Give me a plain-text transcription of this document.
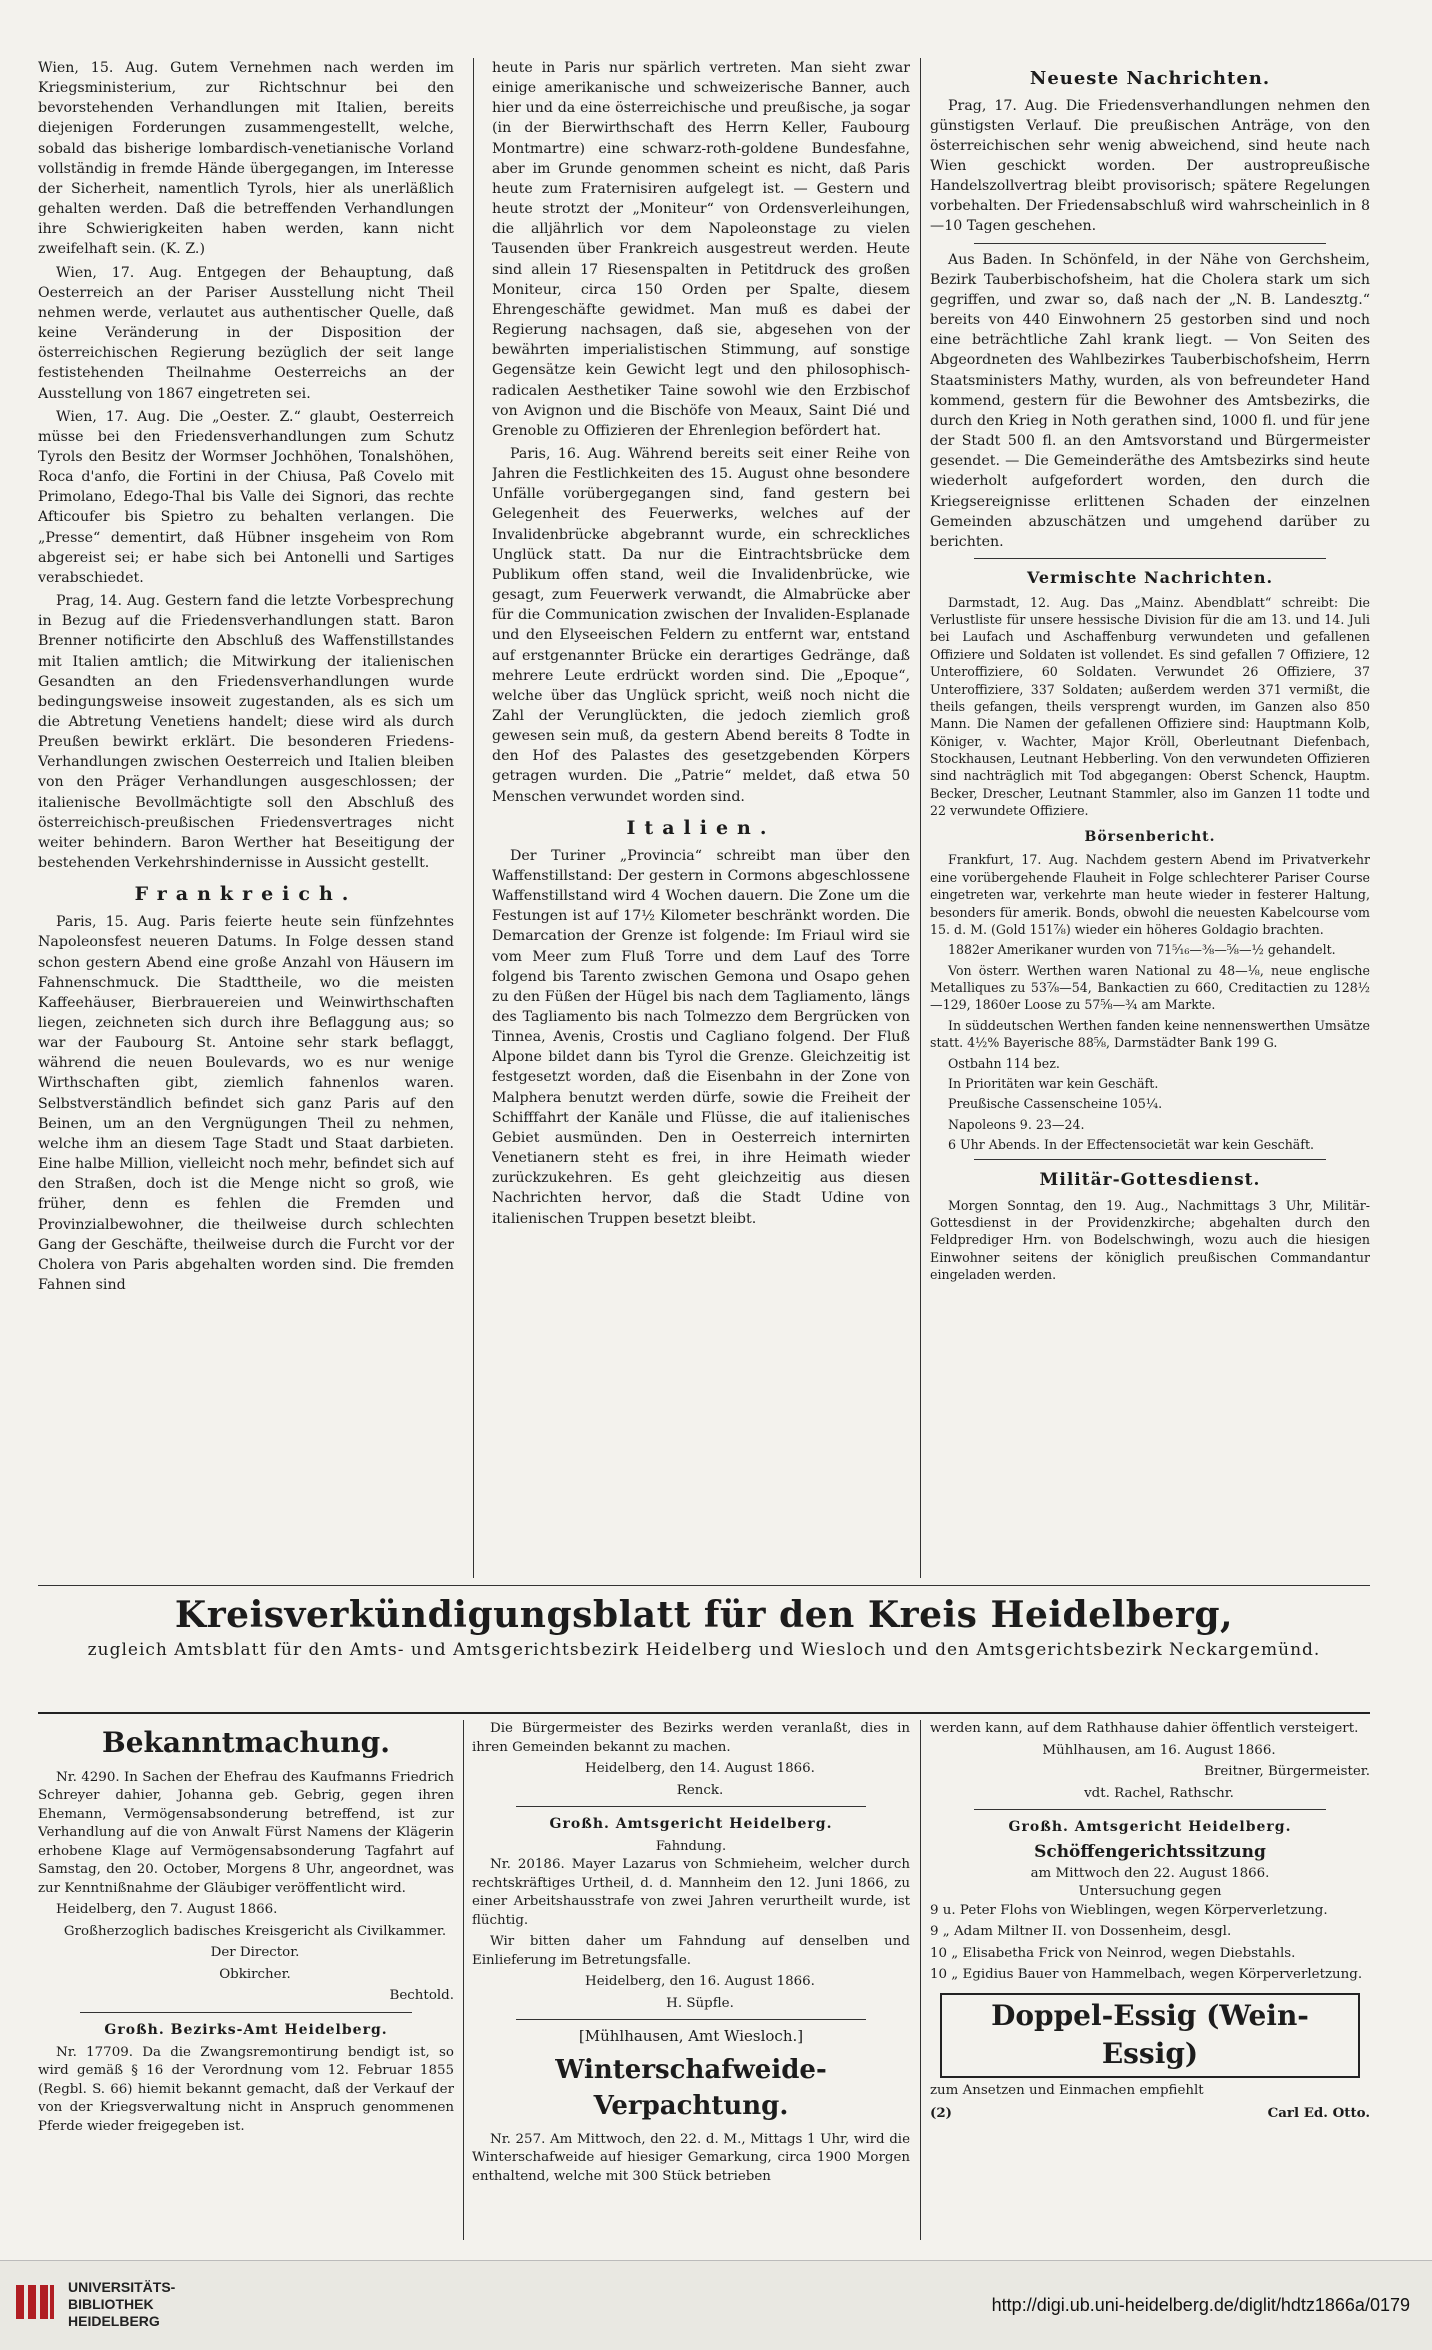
Wien, 15. Aug. Gutem Vernehmen nach werden im Kriegsministerium, zur Richtschnur bei den bevorstehenden Verhandlungen mit Italien, bereits diejenigen Forderungen zusammengestellt, welche, sobald das bisherige lombardisch-venetianische Vorland vollständig in fremde Hände übergegangen, im Interesse der Sicherheit, namentlich Tyrols, hier als unerläßlich gehalten werden. Daß die betreffenden Verhandlungen ihre Schwierigkeiten haben werden, kann nicht zweifelhaft sein. (K. Z.)

Wien, 17. Aug. Entgegen der Behauptung, daß Oesterreich an der Pariser Ausstellung nicht Theil nehmen werde, verlautet aus authentischer Quelle, daß keine Veränderung in der Disposition der österreichischen Regierung bezüglich der seit lange festistehenden Theilnahme Oesterreichs an der Ausstellung von 1867 eingetreten sei.

Wien, 17. Aug. Die „Oester. Z.“ glaubt, Oesterreich müsse bei den Friedensverhandlungen zum Schutz Tyrols den Besitz der Wormser Jochhöhen, Tonalshöhen, Roca d'anfo, die Fortini in der Chiusa, Paß Covelo mit Primolano, Edego-Thal bis Valle dei Signori, das rechte Afticoufer bis Spietro zu behalten verlangen. Die „Presse“ dementirt, daß Hübner insgeheim von Rom abgereist sei; er habe sich bei Antonelli und Sartiges verabschiedet.

Prag, 14. Aug. Gestern fand die letzte Vorbesprechung in Bezug auf die Friedensverhandlungen statt. Baron Brenner notificirte den Abschluß des Waffenstillstandes mit Italien amtlich; die Mitwirkung der italienischen Gesandten an den Friedensverhandlungen wurde bedingungsweise insoweit zugestanden, als es sich um die Abtretung Venetiens handelt; diese wird als durch Preußen bewirkt erklärt. Die besonderen Friedens-Verhandlungen zwischen Oesterreich und Italien bleiben von den Präger Verhandlungen ausgeschlossen; der italienische Bevollmächtigte soll den Abschluß des österreichisch-preußischen Friedensvertrages nicht weiter behindern. Baron Werther hat Beseitigung der bestehenden Verkehrshindernisse in Aussicht gestellt.

Frankreich.

Paris, 15. Aug. Paris feierte heute sein fünfzehntes Napoleonsfest neueren Datums. In Folge dessen stand schon gestern Abend eine große Anzahl von Häusern im Fahnenschmuck. Die Stadttheile, wo die meisten Kaffeehäuser, Bierbrauereien und Weinwirthschaften liegen, zeichneten sich durch ihre Beflaggung aus; so war der Faubourg St. Antoine sehr stark beflaggt, während die neuen Boulevards, wo es nur wenige Wirthschaften gibt, ziemlich fahnenlos waren. Selbstverständlich befindet sich ganz Paris auf den Beinen, um an den Vergnügungen Theil zu nehmen, welche ihm an diesem Tage Stadt und Staat darbieten. Eine halbe Million, vielleicht noch mehr, befindet sich auf den Straßen, doch ist die Menge nicht so groß, wie früher, denn es fehlen die Fremden und Provinzialbewohner, die theilweise durch schlechten Gang der Geschäfte, theilweise durch die Furcht vor der Cholera von Paris abgehalten worden sind. Die fremden Fahnen sind

heute in Paris nur spärlich vertreten. Man sieht zwar einige amerikanische und schweizerische Banner, auch hier und da eine österreichische und preußische, ja sogar (in der Bierwirthschaft des Herrn Keller, Faubourg Montmartre) eine schwarz-roth-goldene Bundesfahne, aber im Grunde genommen scheint es nicht, daß Paris heute zum Fraternisiren aufgelegt ist. — Gestern und heute strotzt der „Moniteur“ von Ordensverleihungen, die alljährlich vor dem Napoleonstage zu vielen Tausenden über Frankreich ausgestreut werden. Heute sind allein 17 Riesenspalten in Petitdruck des großen Moniteur, circa 150 Orden per Spalte, diesem Ehrengeschäfte gewidmet. Man muß es dabei der Regierung nachsagen, daß sie, abgesehen von der bewährten imperialistischen Stimmung, auf sonstige Gegensätze kein Gewicht legt und den philosophisch-radicalen Aesthetiker Taine sowohl wie den Erzbischof von Avignon und die Bischöfe von Meaux, Saint Dié und Grenoble zu Offizieren der Ehrenlegion befördert hat.

Paris, 16. Aug. Während bereits seit einer Reihe von Jahren die Festlichkeiten des 15. August ohne besondere Unfälle vorübergegangen sind, fand gestern bei Gelegenheit des Feuerwerks, welches auf der Invalidenbrücke abgebrannt wurde, ein schreckliches Unglück statt. Da nur die Eintrachtsbrücke dem Publikum offen stand, weil die Invalidenbrücke, wie gesagt, zum Feuerwerk verwandt, die Almabrücke aber für die Communication zwischen der Invaliden-Esplanade und den Elyseeischen Feldern zu entfernt war, entstand auf erstgenannter Brücke ein derartiges Gedränge, daß mehrere Leute erdrückt worden sind. Die „Epoque“, welche über das Unglück spricht, weiß noch nicht die Zahl der Verunglückten, die jedoch ziemlich groß gewesen sein muß, da gestern Abend bereits 8 Todte in den Hof des Palastes des gesetzgebenden Körpers getragen wurden. Die „Patrie“ meldet, daß etwa 50 Menschen verwundet worden sind.

Italien.

Der Turiner „Provincia“ schreibt man über den Waffenstillstand: Der gestern in Cormons abgeschlossene Waffenstillstand wird 4 Wochen dauern. Die Zone um die Festungen ist auf 17½ Kilometer beschränkt worden. Die Demarcation der Grenze ist folgende: Im Friaul wird sie vom Meer zum Fluß Torre und dem Lauf des Torre folgend bis Tarento zwischen Gemona und Osapo gehen zu den Füßen der Hügel bis nach dem Tagliamento, längs des Tagliamento bis nach Tolmezzo dem Bergrücken von Tinnea, Avenis, Crostis und Cagliano folgend. Der Fluß Alpone bildet dann bis Tyrol die Grenze. Gleichzeitig ist festgesetzt worden, daß die Eisenbahn in der Zone von Malphera benutzt werden dürfe, sowie die Freiheit der Schifffahrt der Kanäle und Flüsse, die auf italienisches Gebiet ausmünden. Den in Oesterreich internirten Venetianern steht es frei, in ihre Heimath wieder zurückzukehren. Es geht gleichzeitig aus diesen Nachrichten hervor, daß die Stadt Udine von italienischen Truppen besetzt bleibt.

Neueste Nachrichten.

Prag, 17. Aug. Die Friedensverhandlungen nehmen den günstigsten Verlauf. Die preußischen Anträge, von den österreichischen sehr wenig abweichend, sind heute nach Wien geschickt worden. Der austropreußische Handelszollvertrag bleibt provisorisch; spätere Regelungen vorbehalten. Der Friedensabschluß wird wahrscheinlich in 8—10 Tagen geschehen.

Aus Baden. In Schönfeld, in der Nähe von Gerchsheim, Bezirk Tauberbischofsheim, hat die Cholera stark um sich gegriffen, und zwar so, daß nach der „N. B. Landesztg.“ bereits von 440 Einwohnern 25 gestorben sind und noch eine beträchtliche Zahl krank liegt. — Von Seiten des Abgeordneten des Wahlbezirkes Tauberbischofsheim, Herrn Staatsministers Mathy, wurden, als von befreundeter Hand kommend, gestern für die Bewohner des Amtsbezirks, die durch den Krieg in Noth gerathen sind, 1000 fl. und für jene der Stadt 500 fl. an den Amtsvorstand und Bürgermeister gesendet. — Die Gemeinderäthe des Amtsbezirks sind heute wiederholt aufgefordert worden, den durch die Kriegsereignisse erlittenen Schaden der einzelnen Gemeinden abzuschätzen und umgehend darüber zu berichten.

Vermischte Nachrichten.

Darmstadt, 12. Aug. Das „Mainz. Abendblatt“ schreibt: Die Verlustliste für unsere hessische Division für die am 13. und 14. Juli bei Laufach und Aschaffenburg verwundeten und gefallenen Offiziere und Soldaten ist vollendet. Es sind gefallen 7 Offiziere, 12 Unteroffiziere, 60 Soldaten. Verwundet 26 Offiziere, 37 Unteroffiziere, 337 Soldaten; außerdem werden 371 vermißt, die theils gefangen, theils versprengt wurden, im Ganzen also 850 Mann. Die Namen der gefallenen Offiziere sind: Hauptmann Kolb, Königer, v. Wachter, Major Kröll, Oberleutnant Diefenbach, Stockhausen, Leutnant Hebberling. Von den verwundeten Offizieren sind nachträglich mit Tod abgegangen: Oberst Schenck, Hauptm. Becker, Drescher, Leutnant Stammler, also im Ganzen 11 todte und 22 verwundete Offiziere.

Börsenbericht.

Frankfurt, 17. Aug. Nachdem gestern Abend im Privatverkehr eine vorübergehende Flauheit in Folge schlechterer Pariser Course eingetreten war, verkehrte man heute wieder in festerer Haltung, besonders für amerik. Bonds, obwohl die neuesten Kabelcourse vom 15. d. M. (Gold 151⅞) wieder ein höheres Goldagio brachten.

1882er Amerikaner wurden von 71⁵⁄₁₆—⅜—⅝—½ gehandelt.

Von österr. Werthen waren National zu 48—⅛, neue englische Metalliques zu 53⅞—54, Bankactien zu 660, Creditactien zu 128½—129, 1860er Loose zu 57⅝—¾ am Markte.

In süddeutschen Werthen fanden keine nennenswerthen Umsätze statt. 4½% Bayerische 88⅝, Darmstädter Bank 199 G.

Ostbahn 114 bez.

In Prioritäten war kein Geschäft.

Preußische Cassenscheine 105¼.

Napoleons 9. 23—24.

6 Uhr Abends. In der Effectensocietät war kein Geschäft.

Militär-Gottesdienst.

Morgen Sonntag, den 19. Aug., Nachmittags 3 Uhr, Militär-Gottesdienst in der Providenzkirche; abgehalten durch den Feldprediger Hrn. von Bodelschwingh, wozu auch die hiesigen Einwohner seitens der königlich preußischen Commandantur eingeladen werden.

Kreisverkündigungsblatt für den Kreis Heidelberg,
zugleich Amtsblatt für den Amts- und Amtsgerichtsbezirk Heidelberg und Wiesloch und den Amtsgerichtsbezirk Neckargemünd.
Bekanntmachung.

Nr. 4290. In Sachen der Ehefrau des Kaufmanns Friedrich Schreyer dahier, Johanna geb. Gebrig, gegen ihren Ehemann, Vermögensabsonderung betreffend, ist zur Verhandlung auf die von Anwalt Fürst Namens der Klägerin erhobene Klage auf Vermögensabsonderung Tagfahrt auf Samstag, den 20. October, Morgens 8 Uhr, angeordnet, was zur Kenntnißnahme der Gläubiger veröffentlicht wird.

Heidelberg, den 7. August 1866.

Großherzoglich badisches Kreisgericht als Civilkammer.

Der Director.

Obkircher.

Bechtold.

Großh. Bezirks-Amt Heidelberg.

Nr. 17709. Da die Zwangsremontirung bendigt ist, so wird gemäß § 16 der Verordnung vom 12. Februar 1855 (Regbl. S. 66) hiemit bekannt gemacht, daß der Verkauf der von der Kriegsverwaltung nicht in Anspruch genommenen Pferde wieder freigegeben ist.

Die Bürgermeister des Bezirks werden veranlaßt, dies in ihren Gemeinden bekannt zu machen.

Heidelberg, den 14. August 1866.

Renck.

Großh. Amtsgericht Heidelberg.
Fahndung.

Nr. 20186. Mayer Lazarus von Schmieheim, welcher durch rechtskräftiges Urtheil, d. d. Mannheim den 12. Juni 1866, zu einer Arbeitshausstrafe von zwei Jahren verurtheilt wurde, ist flüchtig.

Wir bitten daher um Fahndung auf denselben und Einlieferung im Betretungsfalle.

Heidelberg, den 16. August 1866.

H. Süpfle.

[Mühlhausen, Amt Wiesloch.]
Winterschafweide-Verpachtung.

Nr. 257. Am Mittwoch, den 22. d. M., Mittags 1 Uhr, wird die Winterschafweide auf hiesiger Gemarkung, circa 1900 Morgen enthaltend, welche mit 300 Stück betrieben

werden kann, auf dem Rathhause dahier öffentlich versteigert.

Mühlhausen, am 16. August 1866.

Breitner, Bürgermeister.

vdt. Rachel, Rathschr.

Großh. Amtsgericht Heidelberg.
Schöffengerichtssitzung
am Mittwoch den 22. August 1866.
Untersuchung gegen

9 u. Peter Flohs von Wieblingen, wegen Körperverletzung.

9 „ Adam Miltner II. von Dossenheim, desgl.

10 „ Elisabetha Frick von Neinrod, wegen Diebstahls.

10 „ Egidius Bauer von Hammelbach, wegen Körperverletzung.

Doppel-Essig (Wein-Essig)

zum Ansetzen und Einmachen empfiehlt

(2)	Carl Ed. Otto.

UNIVERSITÄTS-
BIBLIOTHEK
HEIDELBERG
http://digi.ub.uni-heidelberg.de/diglit/hdtz1866a/0179
